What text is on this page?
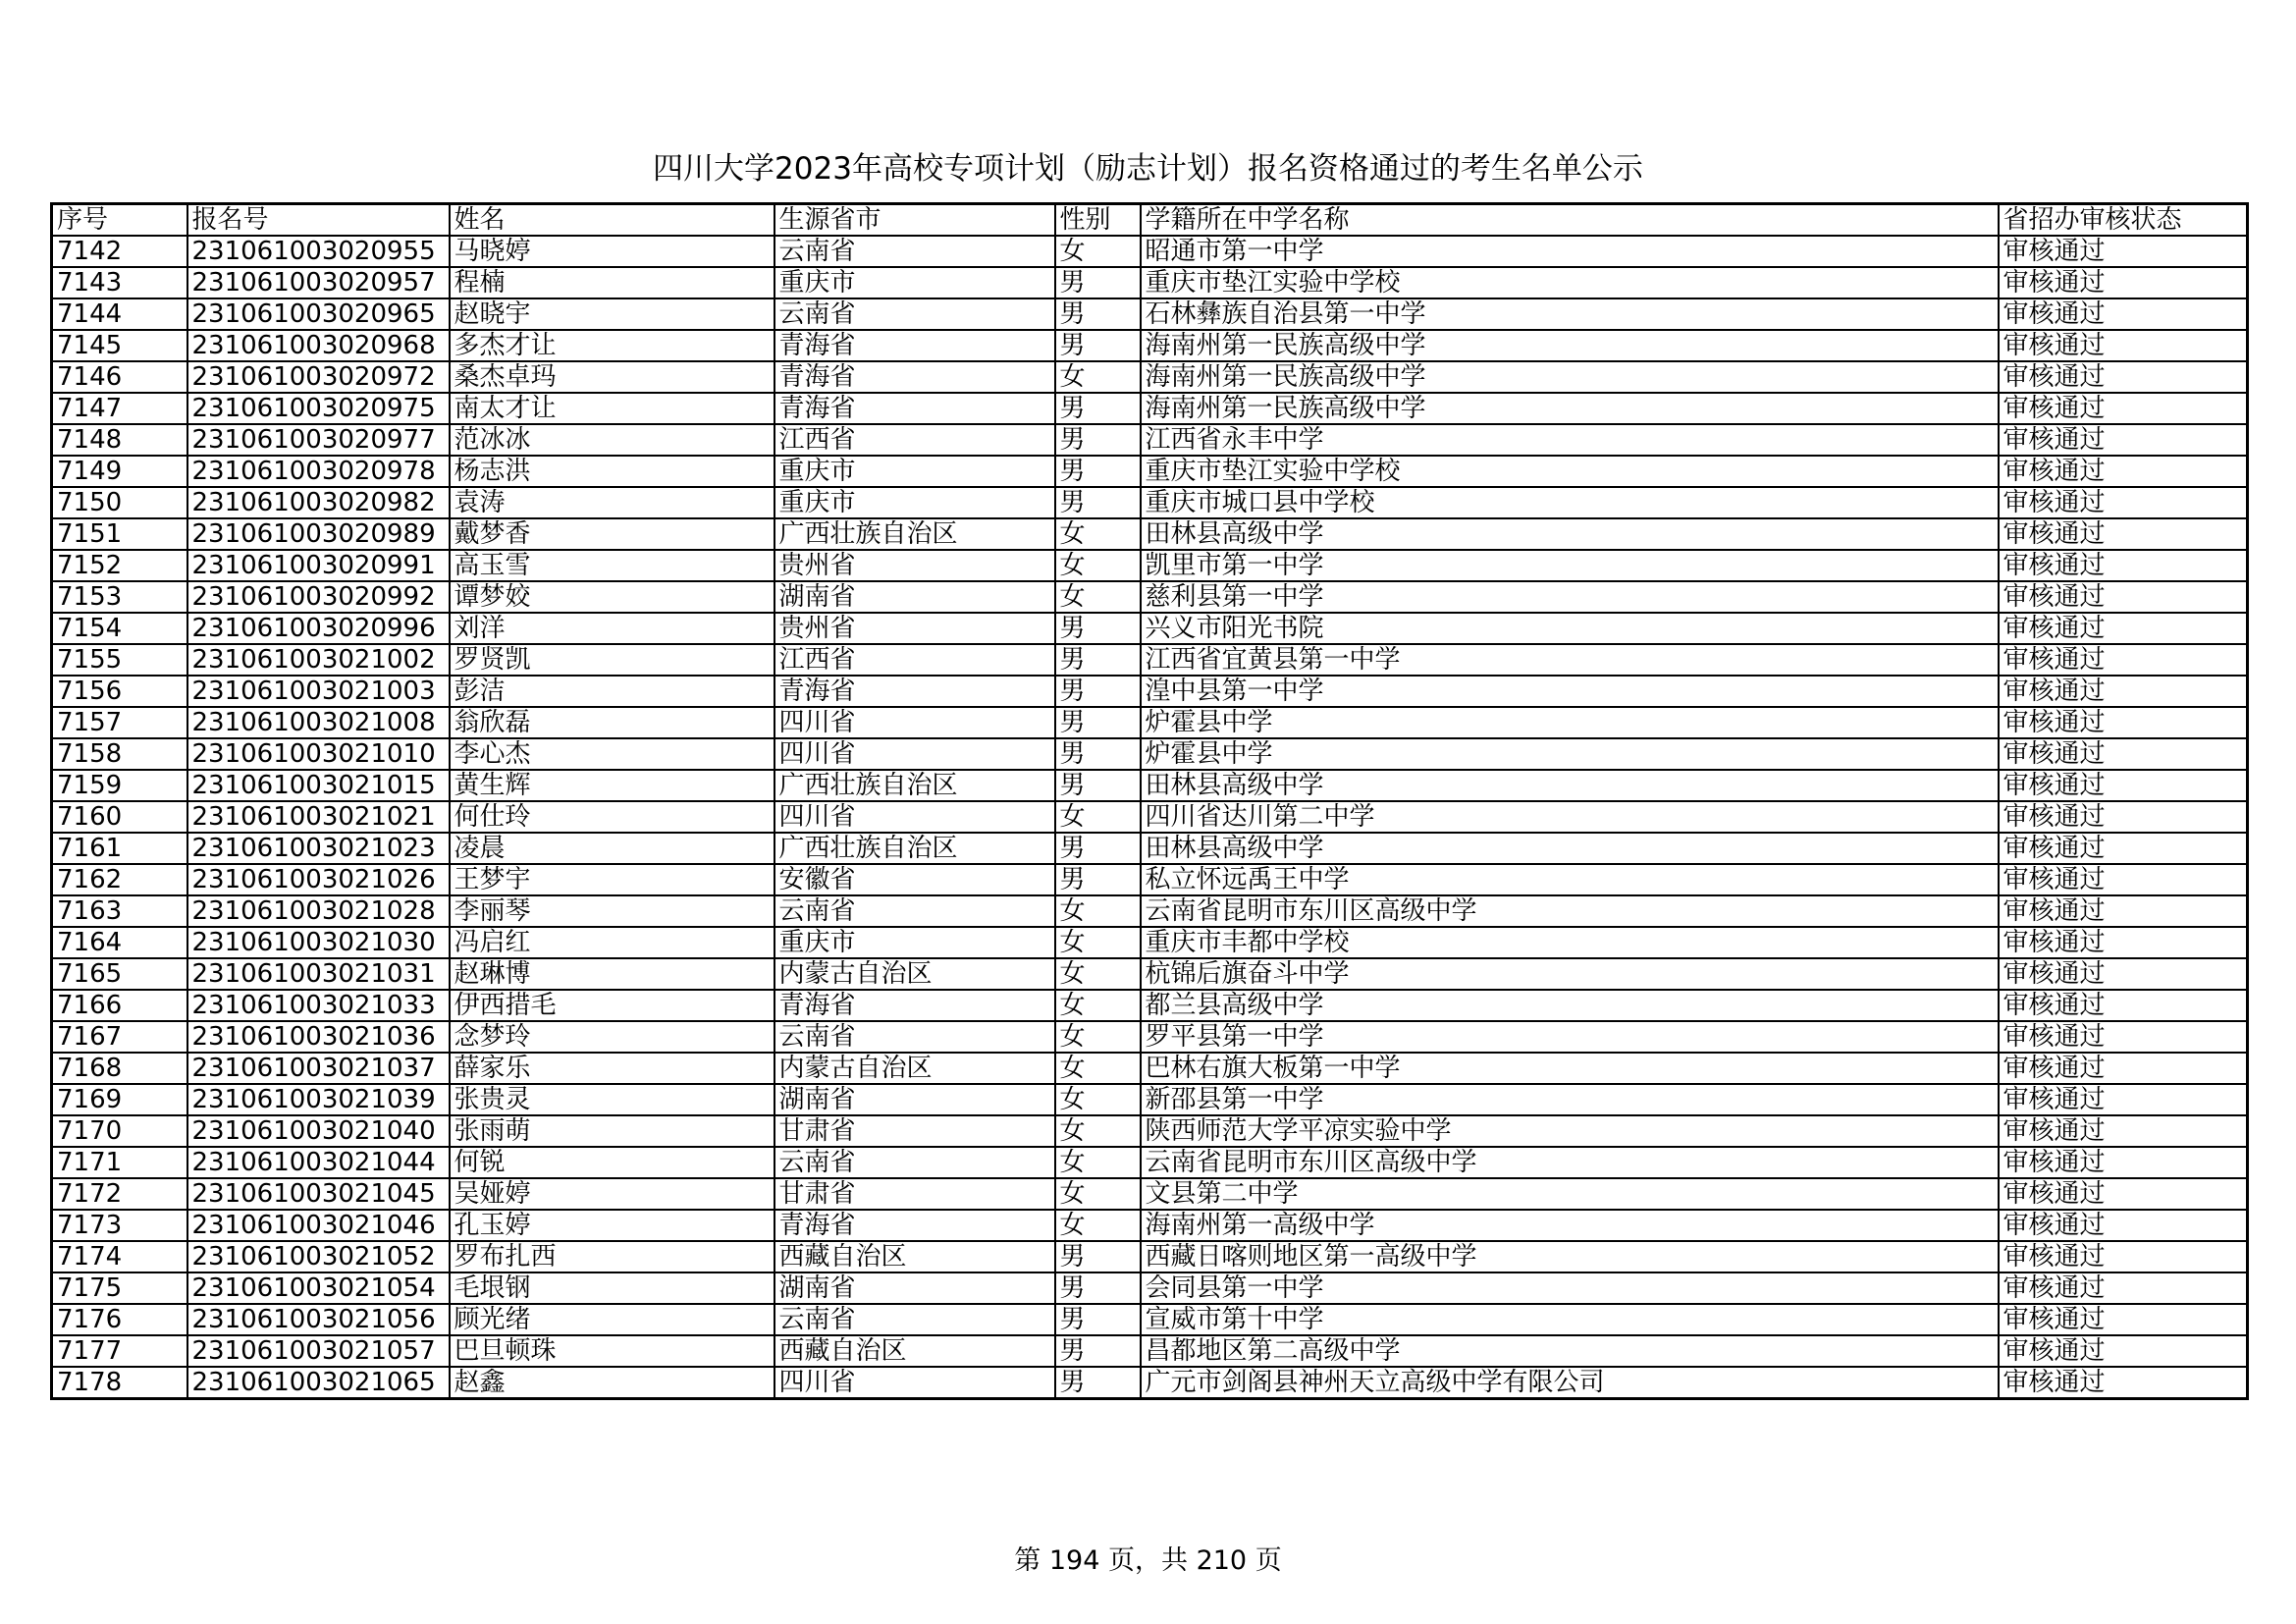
四川大学2023年高校专项计划（励志计划）报名资格通过的考生名单公示
序号	报名号	姓名	生源省市	性别	学籍所在中学名称	省招办审核状态
7142	231061003020955	马晓婷	云南省	女	昭通市第一中学	审核通过
7143	231061003020957	程楠	重庆市	男	重庆市垫江实验中学校	审核通过
7144	231061003020965	赵晓宇	云南省	男	石林彝族自治县第一中学	审核通过
7145	231061003020968	多杰才让	青海省	男	海南州第一民族高级中学	审核通过
7146	231061003020972	桑杰卓玛	青海省	女	海南州第一民族高级中学	审核通过
7147	231061003020975	南太才让	青海省	男	海南州第一民族高级中学	审核通过
7148	231061003020977	范冰冰	江西省	男	江西省永丰中学	审核通过
7149	231061003020978	杨志洪	重庆市	男	重庆市垫江实验中学校	审核通过
7150	231061003020982	袁涛	重庆市	男	重庆市城口县中学校	审核通过
7151	231061003020989	戴梦香	广西壮族自治区	女	田林县高级中学	审核通过
7152	231061003020991	高玉雪	贵州省	女	凯里市第一中学	审核通过
7153	231061003020992	谭梦姣	湖南省	女	慈利县第一中学	审核通过
7154	231061003020996	刘洋	贵州省	男	兴义市阳光书院	审核通过
7155	231061003021002	罗贤凯	江西省	男	江西省宜黄县第一中学	审核通过
7156	231061003021003	彭洁	青海省	男	湟中县第一中学	审核通过
7157	231061003021008	翁欣磊	四川省	男	炉霍县中学	审核通过
7158	231061003021010	李心杰	四川省	男	炉霍县中学	审核通过
7159	231061003021015	黄生辉	广西壮族自治区	男	田林县高级中学	审核通过
7160	231061003021021	何仕玲	四川省	女	四川省达川第二中学	审核通过
7161	231061003021023	凌晨	广西壮族自治区	男	田林县高级中学	审核通过
7162	231061003021026	王梦宇	安徽省	男	私立怀远禹王中学	审核通过
7163	231061003021028	李丽琴	云南省	女	云南省昆明市东川区高级中学	审核通过
7164	231061003021030	冯启红	重庆市	女	重庆市丰都中学校	审核通过
7165	231061003021031	赵琳博	内蒙古自治区	女	杭锦后旗奋斗中学	审核通过
7166	231061003021033	伊西措毛	青海省	女	都兰县高级中学	审核通过
7167	231061003021036	念梦玲	云南省	女	罗平县第一中学	审核通过
7168	231061003021037	薛家乐	内蒙古自治区	女	巴林右旗大板第一中学	审核通过
7169	231061003021039	张贵灵	湖南省	女	新邵县第一中学	审核通过
7170	231061003021040	张雨萌	甘肃省	女	陕西师范大学平凉实验中学	审核通过
7171	231061003021044	何锐	云南省	女	云南省昆明市东川区高级中学	审核通过
7172	231061003021045	吴娅婷	甘肃省	女	文县第二中学	审核通过
7173	231061003021046	孔玉婷	青海省	女	海南州第一高级中学	审核通过
7174	231061003021052	罗布扎西	西藏自治区	男	西藏日喀则地区第一高级中学	审核通过
7175	231061003021054	毛垠钢	湖南省	男	会同县第一中学	审核通过
7176	231061003021056	顾光绪	云南省	男	宣威市第十中学	审核通过
7177	231061003021057	巴旦顿珠	西藏自治区	男	昌都地区第二高级中学	审核通过
7178	231061003021065	赵鑫	四川省	男	广元市剑阁县神州天立高级中学有限公司	审核通过
第 194 页，共 210 页
